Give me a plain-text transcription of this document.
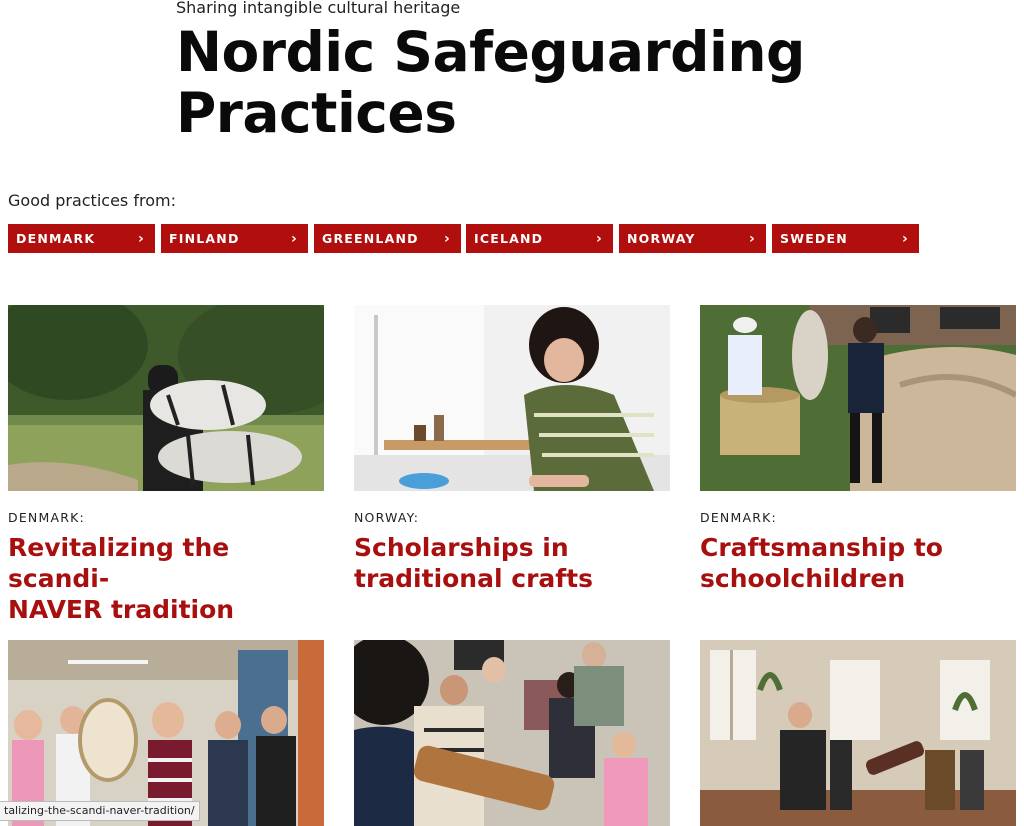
Sharing intangible cultural heritage
Nordic Safeguarding
Practices
Good practices from:
DENMARK	› FINLAND	› GREENLAND › ICELAND	› NORWAY	› SWEDEN	›
DENMARK:
Revitalizing the scandi-
NAVER tradition
NORWAY:
Scholarships in
traditional crafts
DENMARK:
Craftsmanship to
schoolchildren
talizing-the-scandi-naver-tradition/
